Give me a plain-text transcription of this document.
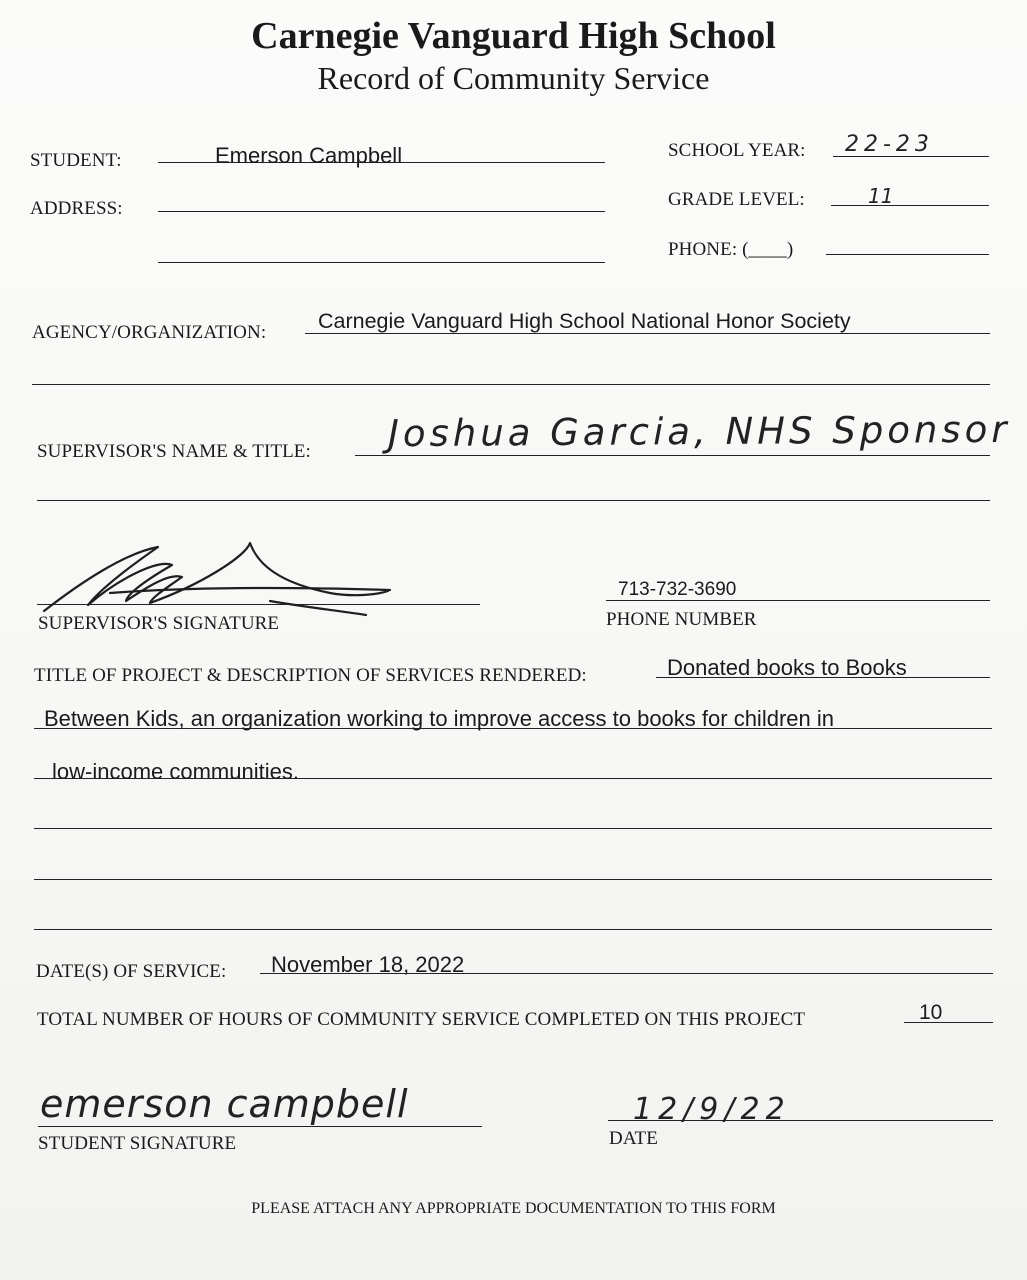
Carnegie Vanguard High School
Record of Community Service
STUDENT:	Emerson Campbell	SCHOOL YEAR: 22-23
ADDRESS:	GRADE LEVEL:	11
PHONE: (____)
AGENCY/ORGANIZATION: Carnegie Vanguard High School National Honor Society
SUPERVISOR'S NAME & TITLE: Joshua Garcia, NHS Sponsor
SUPERVISOR'S SIGNATURE
713-732-3690
PHONE NUMBER
TITLE OF PROJECT & DESCRIPTION OF SERVICES RENDERED:	Donated books to Books
Between Kids, an organization working to improve access to books for children in
low-income communities.
DATE(S) OF SERVICE: November 18, 2022
TOTAL NUMBER OF HOURS OF COMMUNITY SERVICE COMPLETED ON THIS PROJECT	10
emerson campbell
STUDENT SIGNATURE
12/9/22
DATE
PLEASE ATTACH ANY APPROPRIATE DOCUMENTATION TO THIS FORM
